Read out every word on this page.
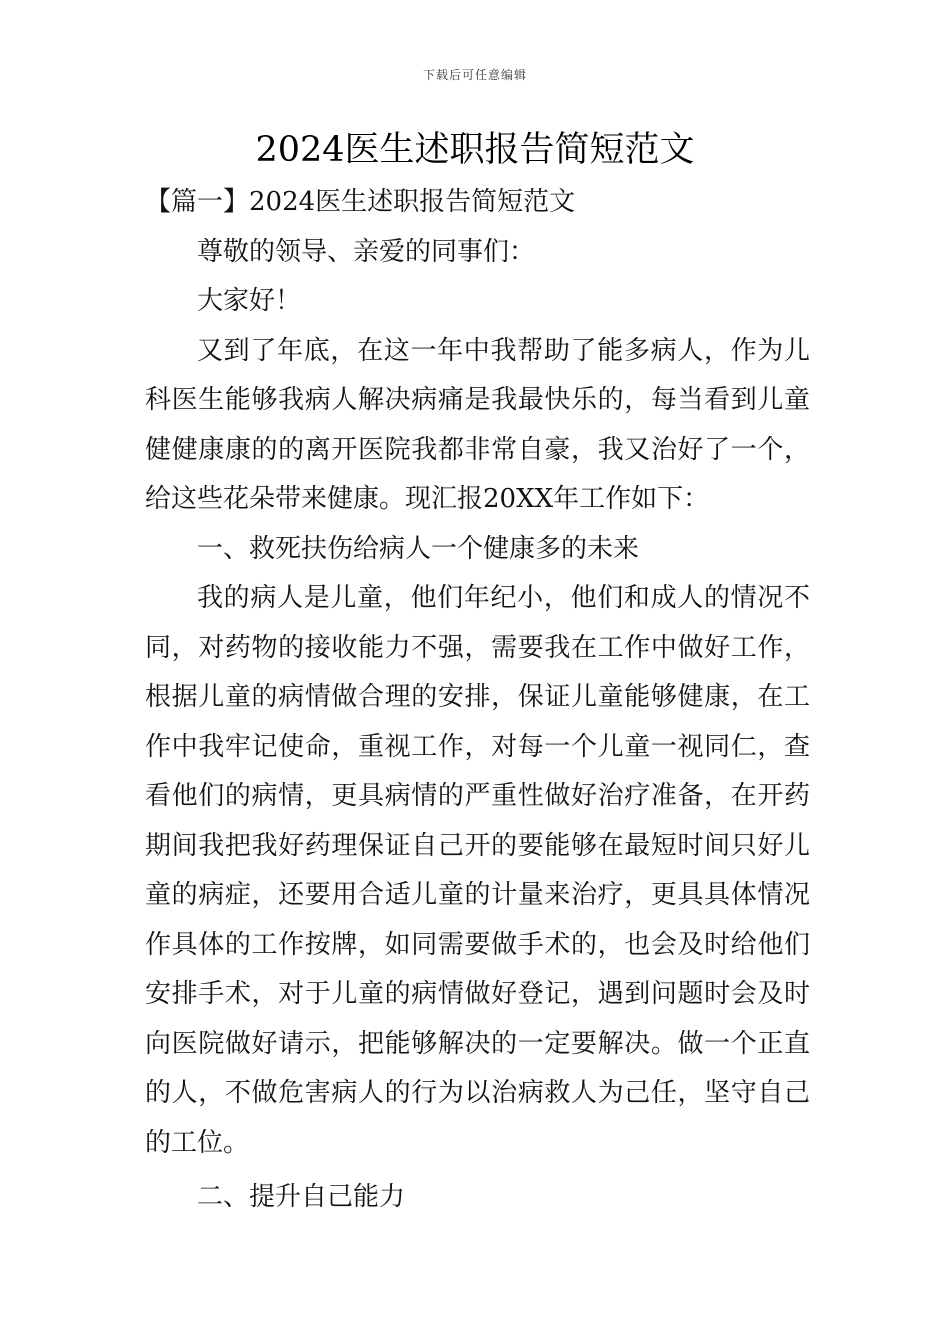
下载后可任意编辑
2024医生述职报告简短范文

【篇一】2024医生述职报告简短范文

尊敬的领导、亲爱的同事们：

大家好！

又到了年底，在这一年中我帮助了能多病人，作为儿科医生能够我病人解决病痛是我最快乐的，每当看到儿童健健康康的的离开医院我都非常自豪，我又治好了一个，给这些花朵带来健康。现汇报20XX年工作如下：

一、救死扶伤给病人一个健康多的未来

我的病人是儿童，他们年纪小，他们和成人的情况不同，对药物的接收能力不强，需要我在工作中做好工作，根据儿童的病情做合理的安排，保证儿童能够健康，在工作中我牢记使命，重视工作，对每一个儿童一视同仁，查看他们的病情，更具病情的严重性做好治疗准备，在开药期间我把我好药理保证自己开的要能够在最短时间只好儿童的病症，还要用合适儿童的计量来治疗，更具具体情况作具体的工作按牌，如同需要做手术的，也会及时给他们安排手术，对于儿童的病情做好登记，遇到问题时会及时向医院做好请示，把能够解决的一定要解决。做一个正直的人，不做危害病人的行为以治病救人为己任，坚守自己的工位。

二、提升自己能力
